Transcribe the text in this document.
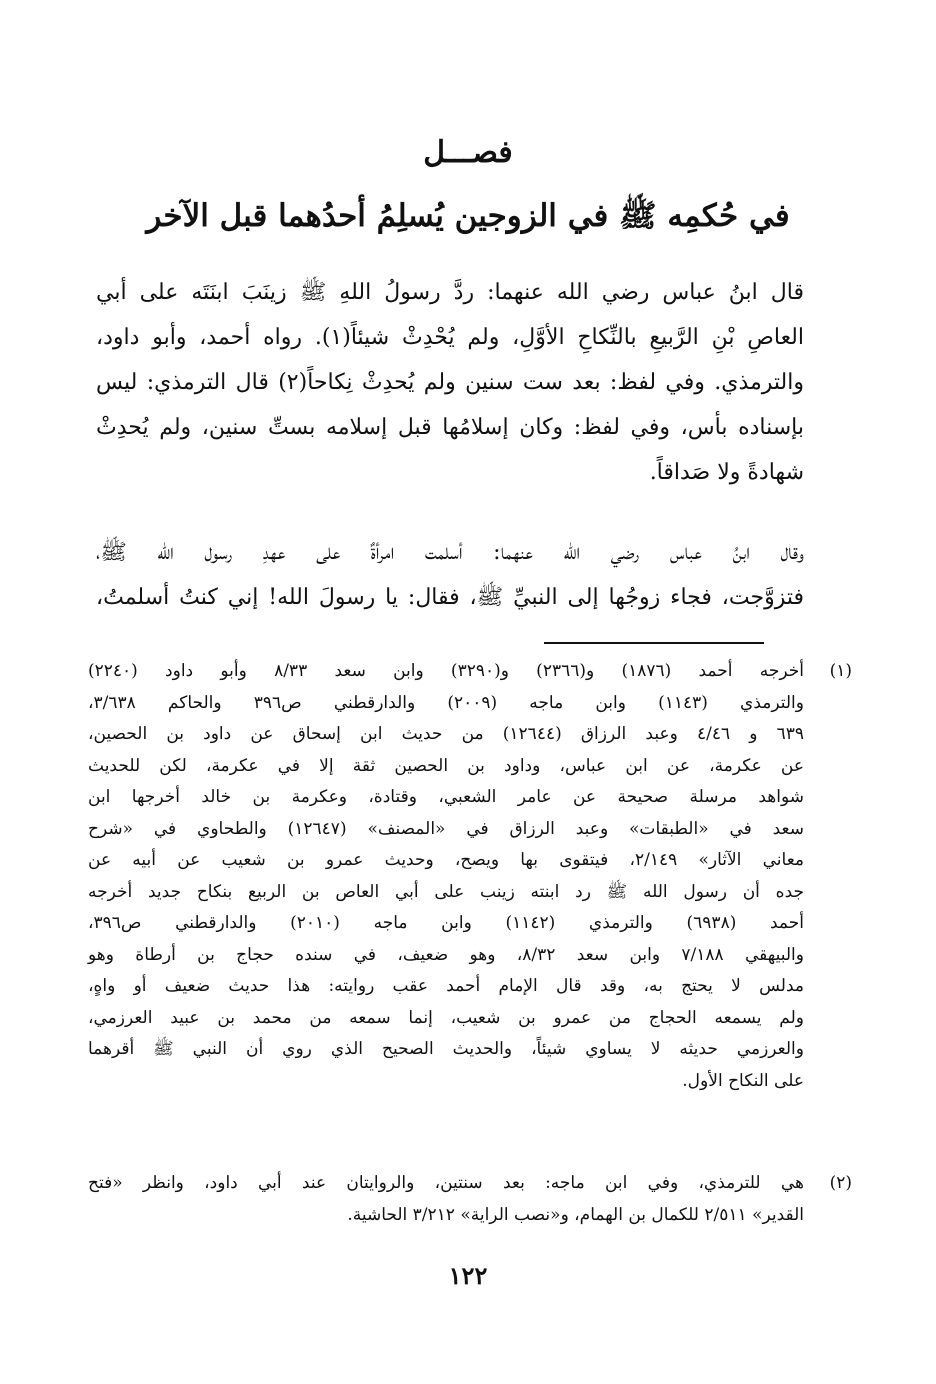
فصـــل
في حُكمِه ﷺ في الزوجين يُسلِمُ أحدُهما قبل الآخر
قال ابنُ عباس رضي الله عنهما: ردَّ رسولُ اللهِ ﷺ زينَبَ ابنَتَه على أبي
العاصِ بْنِ الرَّبيعِ بالنِّكاحِ الأوَّلِ، ولم يُحْدِثْ شيئاً(١). رواه أحمد، وأبو داود،
والترمذي. وفي لفظ: بعد ست سنين ولم يُحدِثْ نِكاحاً(٢) قال الترمذي: ليس
بإسناده بأس، وفي لفظ: وكان إسلامُها قبل إسلامه بستِّ سنين، ولم يُحدِثْ
شهادةً ولا صَداقاً.
وقال ابنُ عباس رضي الله عنهما: أسلمت امرأةٌ على عهدِ رسول الله ﷺ،
فتزوَّجت، فجاء زوجُها إلى النبيِّ ﷺ، فقال: يا رسولَ الله! إني كنتُ أسلمتُ،
(١)
أخرجه أحمد (١٨٧٦) و(٢٣٦٦) و(٣٢٩٠) وابن سعد ٨/٣٣ وأبو داود (٢٢٤٠)
والترمذي (١١٤٣) وابن ماجه (٢٠٠٩) والدارقطني ص٣٩٦ والحاكم ٣/٦٣٨،
٦٣٩ و ٤/٤٦ وعبد الرزاق (١٢٦٤٤) من حديث ابن إسحاق عن داود بن الحصين،
عن عكرمة، عن ابن عباس، وداود بن الحصين ثقة إلا في عكرمة، لكن للحديث
شواهد مرسلة صحيحة عن عامر الشعبي، وقتادة، وعكرمة بن خالد أخرجها ابن
سعد في «الطبقات» وعبد الرزاق في «المصنف» (١٢٦٤٧) والطحاوي في «شرح
معاني الآثار» ٢/١٤٩، فيتقوى بها ويصح، وحديث عمرو بن شعيب عن أبيه عن
جده أن رسول الله ﷺ رد ابنته زينب على أبي العاص بن الربيع بنكاح جديد أخرجه
أحمد (٦٩٣٨) والترمذي (١١٤٢) وابن ماجه (٢٠١٠) والدارقطني ص٣٩٦،
والبيهقي ٧/١٨٨ وابن سعد ٨/٣٢، وهو ضعيف، في سنده حجاج بن أرطاة وهو
مدلس لا يحتج به، وقد قال الإمام أحمد عقب روايته: هذا حديث ضعيف أو واهٍ،
ولم يسمعه الحجاج من عمرو بن شعيب، إنما سمعه من محمد بن عبيد العرزمي،
والعرزمي حديثه لا يساوي شيئاً، والحديث الصحيح الذي روي أن النبي ﷺ أقرهما
على النكاح الأول.
(٢)
هي للترمذي، وفي ابن ماجه: بعد سنتين، والروايتان عند أبي داود، وانظر «فتح
القدير» ٢/٥١١ للكمال بن الهمام، و«نصب الراية» ٣/٢١٢ الحاشية.
١٢٢
